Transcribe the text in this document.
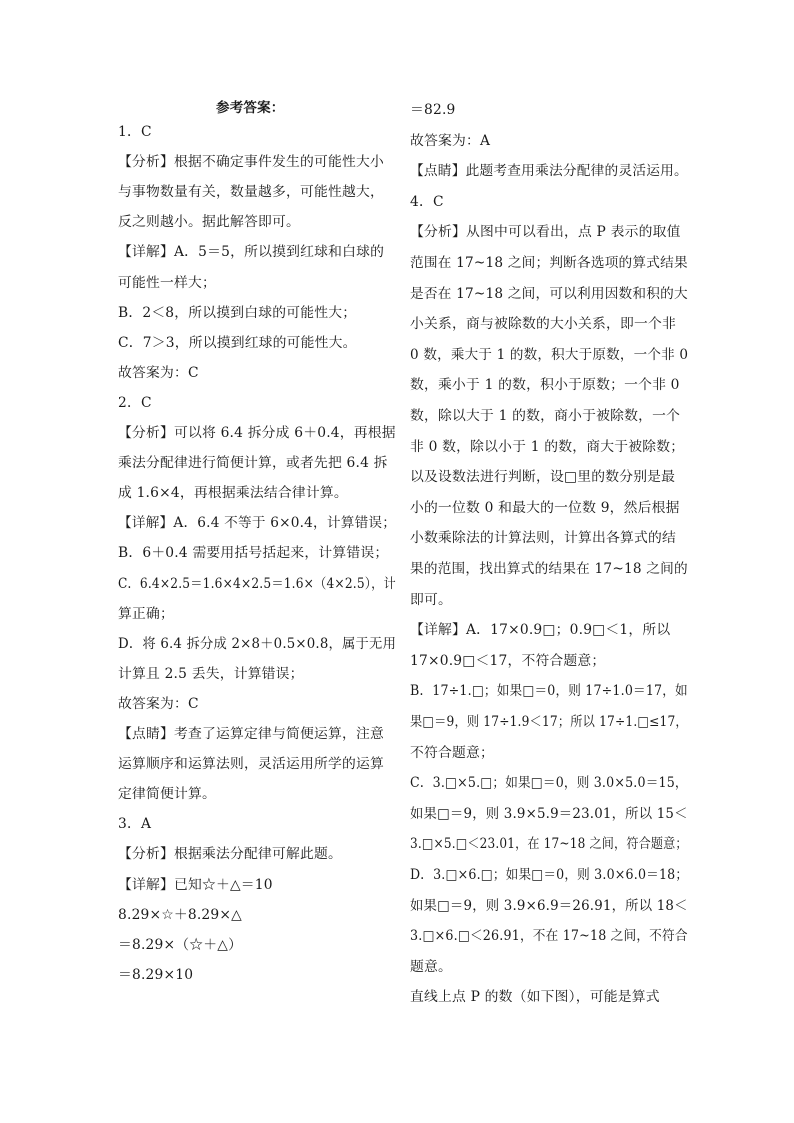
参考答案：
1．C
【分析】根据不确定事件发生的可能性大小
与事物数量有关，数量越多，可能性越大，
反之则越小。据此解答即可。
【详解】A．5＝5，所以摸到红球和白球的
可能性一样大；
B．2＜8，所以摸到白球的可能性大；
C．7＞3，所以摸到红球的可能性大。
故答案为：C
2．C
【分析】可以将 6.4 拆分成 6＋0.4，再根据
乘法分配律进行简便计算，或者先把 6.4 拆
成 1.6×4，再根据乘法结合律计算。
【详解】A．6.4 不等于 6×0.4，计算错误；
B．6＋0.4 需要用括号括起来，计算错误；
C．6.4×2.5＝1.6×4×2.5＝1.6×（4×2.5），计
算正确；
D．将 6.4 拆分成 2×8＋0.5×0.8，属于无用
计算且 2.5 丢失，计算错误；
故答案为：C
【点睛】考查了运算定律与简便运算，注意
运算顺序和运算法则，灵活运用所学的运算
定律简便计算。
3．A
【分析】根据乘法分配律可解此题。
【详解】已知☆＋△＝10
8.29×☆＋8.29×△
＝8.29×（☆＋△）
＝8.29×10
＝82.9
故答案为：A
【点睛】此题考查用乘法分配律的灵活运用。
4．C
【分析】从图中可以看出，点 P 表示的取值
范围在 17~18 之间；判断各选项的算式结果
是否在 17~18 之间，可以利用因数和积的大
小关系，商与被除数的大小关系，即一个非
0 数，乘大于 1 的数，积大于原数，一个非 0
数，乘小于 1 的数，积小于原数；一个非 0
数，除以大于 1 的数，商小于被除数，一个
非 0 数，除以小于 1 的数，商大于被除数；
以及设数法进行判断，设□里的数分别是最
小的一位数 0 和最大的一位数 9，然后根据
小数乘除法的计算法则，计算出各算式的结
果的范围，找出算式的结果在 17~18 之间的
即可。
【详解】A．17×0.9□；0.9□＜1，所以
17×0.9□＜17，不符合题意；
B．17÷1.□；如果□＝0，则 17÷1.0＝17，如
果□＝9，则 17÷1.9＜17；所以 17÷1.□≤17，
不符合题意；
C．3.□×5.□；如果□＝0，则 3.0×5.0＝15，
如果□＝9，则 3.9×5.9＝23.01，所以 15＜
3.□×5.□＜23.01，在 17~18 之间，符合题意；
D．3.□×6.□；如果□＝0，则 3.0×6.0＝18；
如果□＝9，则 3.9×6.9＝26.91，所以 18＜
3.□×6.□＜26.91，不在 17~18 之间，不符合
题意。
直线上点 P 的数（如下图），可能是算式
